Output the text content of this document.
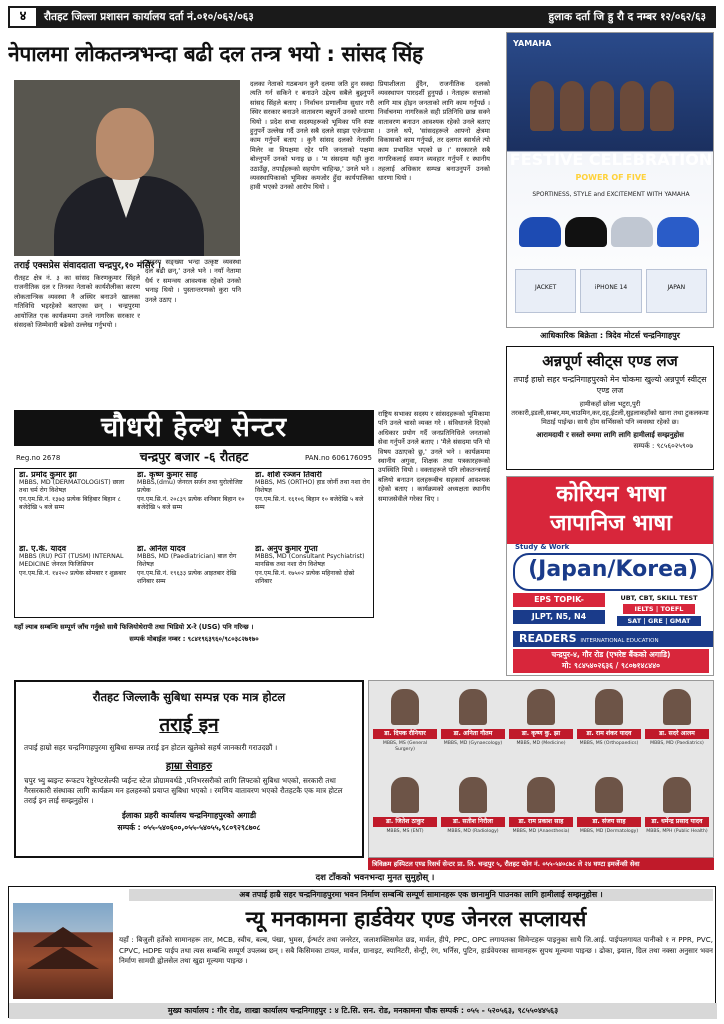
४	रौतहट जिल्ला प्रशासन कार्यालय दर्ता नं.०१०/०६२/०६३	हुलाक दर्ता जि हु रौ द नम्बर १२/०६२/६३
नेपालमा लोकतन्त्रभन्दा बढी दल तन्त्र भयो : सांसद सिंह
तराई एक्सप्रेस संवाददाता चन्द्रपुर,१० मंसिर ।
रौतहट क्षेत्र नं. ३ का सांसद किरणकुमार सिंहले राजनीतिक दल र तिनका नेताको कार्यशैलीका कारण लोकतान्त्रिक व्यवस्था नै अस्थिर बनाउने खालका गतिविधि भइरहेको बताएका छन् । चन्द्रपुरमा आयोजित एक कार्यक्रममा उनले नागरिक सरकार र संसदको जिम्मेवारी बढेको उल्लेख गर्नुभयो ।
'सदस्य सङ्ख्या भन्दा उत्कृष्ट व्यवस्था दल बढी छन्,' उनले भने । नयाँ नेतामा धैर्य र समन्वय आवश्यक रहेको उनको भनाइ थियो । पुस्तान्तरणको कुरा पनि उनले उठाए ।
दलका नेताको गठबन्धन कुनै दलमा जति हुन सक्दा त्यति गर्न सकिने र बनाउने उद्देश्य सबैले बुझ्नुपर्ने सांसद सिंहले बताए । निर्वाचन प्रणालीमा सुधार गरी स्थिर सरकार बनाउने वातावरण बन्नुपर्ने उनको धारणा थियो । प्रदेश सभा सदस्यहरूको भूमिका पनि स्पष्ट हुनुपर्ने उल्लेख गर्दै उनले सबै दलले साझा एजेन्डामा काम गर्नुपर्ने बताए । कुनै सांसद दलको नेतासँग मिलेर वा विपक्षमा रहेर पनि जनताको पक्षमा बोल्नुपर्ने उनको भनाइ छ । 'म संसदमा यही कुरा उठाउँछु, तपाईंहरूको सहयोग चाहिन्छ,' उनले भने । व्यवस्थापिकाको भूमिका कमजोर हुँदा कार्यपालिका हावी भएको उनको आरोप थियो ।
प्रियाशीलता हुँदैन, राजनीतिक दलको व्यवस्थापन पारदर्शी हुनुपर्छ । नेताहरू सत्ताको लागि मात्र होइन जनताको लागि काम गर्नुपर्छ । निर्वाचनमा नागरिकले सही प्रतिनिधि छान्न सक्ने वातावरण बनाउन आवश्यक रहेको उनले बताए । उनले थपे, 'सांसदहरूले आफ्नो क्षेत्रमा विकासको काम गर्नुपर्छ, तर दलगत स्वार्थले त्यो काम प्रभावित भएको छ ।' सरकारले सबै नागरिकलाई समान व्यवहार गर्नुपर्ने र स्थानीय तहलाई अधिकार सम्पन्न बनाउनुपर्ने उनको धारणा थियो ।
राष्ट्रिय सभाका सदस्य र सांसदहरूको भूमिकामा पनि उनले चासो व्यक्त गरे । संविधानले दिएको अधिकार प्रयोग गर्दै जनप्रतिनिधिले जनताको सेवा गर्नुपर्ने उनले बताए । 'मैले संसदमा पनि यो विषय उठाएको छु,' उनले भने । कार्यक्रममा स्थानीय अगुवा, शिक्षक तथा पत्रकारहरूको उपस्थिति थियो । वक्ताहरूले पनि लोकतन्त्रलाई बलियो बनाउन दलहरूबीच सहकार्य आवश्यक रहेको बताए । कार्यक्रमको अध्यक्षता स्थानीय समाजसेवीले गरेका थिए ।
YAMAHA
FESTIVE CELEBRATION
POWER OF FIVE
SPORTINESS, STYLE and EXCITEMENT WITH YAMAHA
JACKET	iPHONE 14	JAPAN
आधिकारिक बिक्रेता : त्रिदेव मोटर्स चन्द्रनिगाहपुर
अन्नपूर्ण स्वीट्स एण्ड लज
तपाईं हाम्रो सहर चन्द्रनिगाहपुरको मेन चोकमा खुल्यो अन्नपूर्ण स्वीट्स एण्ड लज
हामीकहाँ छोला भटुरा,पुरी तरकारी,इडली,सम्बर,मम,चाउमिन,कर,दह,ईटली,सुइलाकहाँको खाना तथा टुकलकमा मिठाई पाईन्छ। साथै होम सर्भिसको पनि व्यवस्था रहेको छ।
आरामदायी र सस्तो रुममा लागि लागि हामीलाई सम्झनुहोस
सम्पर्क : ९८५६०२५९०७
कोरियन भाषा
जापानिज भाषा
Study & Work
(Japan/Korea)
EPS TOPIK-	UBT, CBT, SKILL TEST
JLPT, N5, N4
IELTS | TOEFL
SAT | GRE | GMAT
READERS INTERNATIONAL EDUCATION
चन्द्रपुर-४, गौर रोड (एभरेष्ट बैंकको अगाडि)
मो: ९८४५४०२६३६ / ९८०७१४८४४०
चौधरी हेल्थ सेन्टर
Reg.no 2678	चन्द्रपुर बजार -६ रौतहट	PAN.no 606176095
डा. प्रमोद कुमार झा
MBBS, MD (DERMATOLOGIST) छाला तथा चर्म रोग विशेषज्ञ
एन.एम.सि.नं. १३७३ प्रत्येक बिहिबार बिहान ८ बजेदेखि ५ बजे सम्म
डा. कृष्ण कुमार साह
MBBS,(dmu) जेनरल सर्जन तथा युरोलोजिष्ट प्रत्येक
एन.एम.सि.नं. २०८३९ प्रत्येक शनिबार बिहान १० बजेदेखि ५ बजे सम्म
डा. शशि रञ्जन तिवारी
MBBS, MS (ORTHO) हाड जोर्नी तथा नशा रोग विशेषज्ञ
एन.एम.सि.नं. १६१०६ बिहान १० बजेदेखि ५ बजे सम्म
डा. ए.के. यादव
MBBS (RU) PGT (TUSM) INTERNAL MEDICINE जेनरल फिजिसियन
एन.एम.सि.नं. १४२०२ प्रत्येक सोमबार र शुक्रबार
डा. अनिल यादव
MBBS, MD (Paediatrician) बाल रोग विशेषज्ञ
एन.एम.सि.नं. १९६३३ प्रत्येक आइतबार देखि शनिबार सम्म
डा. अनुप कुमार गुप्ता
MBBS, MD (Consultant Psychiatrist) मानसिक तथा नशा रोग विशेषज्ञ
एन.एम.सि.नं. १७५०२ प्रत्येक महिनाको दोस्रो शनिबार
यहाँ ल्याब सम्बन्धि सम्पूर्ण जाँच गर्नुको साथै फिजियोथेरापी तथा भिडियो X-रे (USG) पनि गरिन्छ ।
सम्पर्क मोबाईल नम्बर : ९८४१९६३९६०/९८०३८२७१७०
रौतहट जिल्लाकै सुबिधा सम्पन्न एक मात्र होटल
तराई इन
तपाई हाम्रो सहर चन्द्रनिगाहपुरमा सुबिधा सम्पन्न तराई इन होटल खुलेको सहर्ष जानकारी गराउदछौं ।
हाम्रा सेवाहरु
चपुर भ्यु ब्वइन्ट रूफटप रेष्टुरेण्टसेल्फी प्वईन्ट स्टेज प्रोग्रामवर्थडे ,पनिभरसरीको लागि लिफ्टको सुबिधा भएको, सरकारी तथा गैरसरकारी संस्थाका लागि कार्यक्रम मन हलहरुको प्रयाप्त सुबिधा भएको । रमणिय वातावरण भएको रौतहटकै एक मात्र होटल तराई इन लाई सम्झनुहोस ।
ईलाका प्रहरी कार्यालय चन्द्रनिगाहपुरको अगाडी
सम्पर्क : ०५५-५४०६००,०५५-५४०५५,९८०९२९८७०८
डा. दिपक रौनियार
MBBS, MS (General Surgery)
डा. अनिता गौतम
MBBS, MD (Gynaecology)
डा. कृष्ण कु. झा
MBBS, MD (Medicine)
डा. राम शंकर यादव
MBBS, MS (Orthopaedics)
डा. सदरे आलम
MBBS, MD (Paediatrics)
डा. जितेश ठाकुर
MBBS, MS (ENT)
डा. सतीश निरौला
MBBS, MD (Radiology)
डा. राम प्रकाश साह
MBBS, MD (Anaesthesia)
डा. संजय साह
MBBS, MD (Dermatology)
डा. धर्मेन्द्र प्रसाद यादव
MBBS, MPH (Public Health)
त्रिविक्रम हस्पिटल एण्ड रिसर्च सेन्टर प्रा. लि. चन्द्रपुर ५, रौतहट फोन नं. ०५५-५४०८७८ ले २४ घण्टा इमर्जेन्सी सेवा
दश टाँकको भवनभन्दा मुनत सुमुहोस् ।
अब तपाई हाम्रै सहर चन्द्रनिगाहपुरमा भवन निर्माण सम्बन्धि सम्पूर्ण सामानहरू एक छानामुनि पाउनका लागि हामीलाई सम्झनुहोस ।
न्यू मनकामना हार्डवेयर एण्ड जेनरल सप्लायर्स
यहाँ : बिजुली हर्तेको सामानहरू तार, MCB, स्वीच, बल्ब, पंखा, भुमस, ईन्भर्टर तथा जनरेटर, जलाशक्तिसमेत छड, मार्वल, हीपे, PPC, OPC लगायतका सिमेन्टहरू पाइनुका साथै जि.आई. पाईपलगायत पानीको १ न PPR, PVC, CPVC, HDPE पाईप तथा त्यस सम्बन्धि सम्पूर्ण उपलब्ध छन् । सबै किसिमका टायल, मार्वल, ग्रानाइट, स्यानिटरी, सेन्ट्री, रंग, भर्निस, पुटिन, हार्डवेयरका सामानहरू सुपथ मूल्यमा पाइन्छ । ढोका, झ्याल, ग्रिल तथा नक्सा अनुसार भवन निर्माण सामग्री ह्वोलसेल तथा खुद्रा मूल्यमा पाइन्छ ।
मुख्य कार्यालय : गौर रोड, शाखा कार्यालय चन्द्रनिगाहपुर : ४ टि.सि. सन. रोड, मनकामना चौक सम्पर्क : ०५५ - ५२०५६३, ९८५५०४४५६३
